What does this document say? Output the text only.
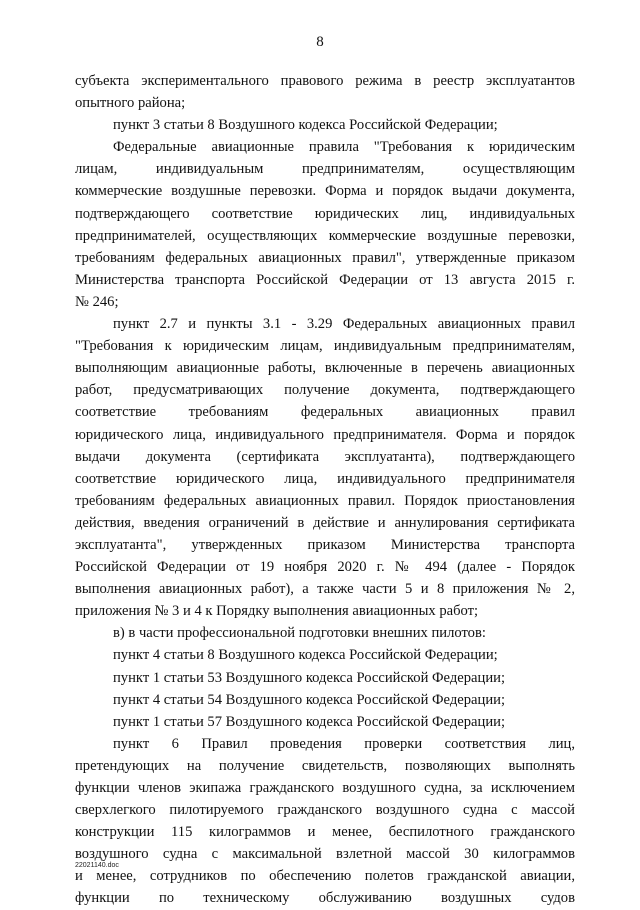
8
субъекта экспериментального правового режима в реестр эксплуатантов
опытного района;
пункт 3 статьи 8 Воздушного кодекса Российской Федерации;
Федеральные авиационные правила "Требования к юридическим
лицам, индивидуальным предпринимателям, осуществляющим
коммерческие воздушные перевозки. Форма и порядок выдачи документа,
подтверждающего соответствие юридических лиц, индивидуальных
предпринимателей, осуществляющих коммерческие воздушные перевозки,
требованиям федеральных авиационных правил", утвержденные приказом
Министерства транспорта Российской Федерации от 13 августа 2015 г.
№ 246;
пункт 2.7 и пункты 3.1 - 3.29 Федеральных авиационных правил
"Требования к юридическим лицам, индивидуальным предпринимателям,
выполняющим авиационные работы, включенные в перечень авиационных
работ, предусматривающих получение документа, подтверждающего
соответствие требованиям федеральных авиационных правил
юридического лица, индивидуального предпринимателя. Форма и порядок
выдачи документа (сертификата эксплуатанта), подтверждающего
соответствие юридического лица, индивидуального предпринимателя
требованиям федеральных авиационных правил. Порядок приостановления
действия, введения ограничений в действие и аннулирования сертификата
эксплуатанта", утвержденных приказом Министерства транспорта
Российской Федерации от 19 ноября 2020 г. № 494 (далее - Порядок
выполнения авиационных работ), а также части 5 и 8 приложения № 2,
приложения № 3 и 4 к Порядку выполнения авиационных работ;
в) в части профессиональной подготовки внешних пилотов:
пункт 4 статьи 8 Воздушного кодекса Российской Федерации;
пункт 1 статьи 53 Воздушного кодекса Российской Федерации;
пункт 4 статьи 54 Воздушного кодекса Российской Федерации;
пункт 1 статьи 57 Воздушного кодекса Российской Федерации;
пункт 6 Правил проведения проверки соответствия лиц,
претендующих на получение свидетельств, позволяющих выполнять
функции членов экипажа гражданского воздушного судна, за исключением
сверхлегкого пилотируемого гражданского воздушного судна с массой
конструкции 115 килограммов и менее, беспилотного гражданского
воздушного судна с максимальной взлетной массой 30 килограммов
и менее, сотрудников по обеспечению полетов гражданской авиации,
функции по техническому обслуживанию воздушных судов
22021140.doc
